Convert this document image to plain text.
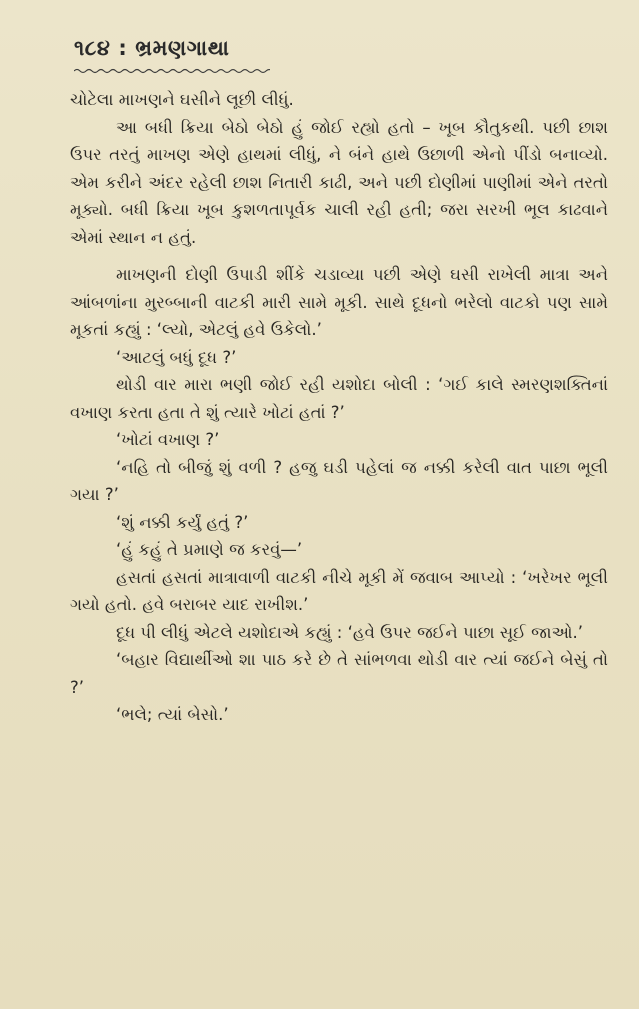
૧૮૪ : ભ્રમણગાથા

ચોટેલા માખણને ઘસીને લૂછી લીધું.

આ બધી ક્રિયા બેઠો બેઠો હું જોઈ રહ્યો હતો – ખૂબ કૌતુકથી. પછી છાશ ઉપર તરતું માખણ એણે હાથમાં લીધું, ને બંને હાથે ઉછાળી એનો પીંડો બનાવ્યો. એમ કરીને અંદર રહેલી છાશ નિતારી કાઢી, અને પછી દોણીમાં પાણીમાં એને તરતો મૂક્યો. બધી ક્રિયા ખૂબ કુશળતાપૂર્વક ચાલી રહી હતી; જરા સરખી ભૂલ કાઢવાને એમાં સ્થાન ન હતું.

માખણની દોણી ઉપાડી શીંકે ચડાવ્યા પછી એણે ઘસી રાખેલી માત્રા અને આંબળાંના મુરબ્બાની વાટકી મારી સામે મૂકી. સાથે દૂધનો ભરેલો વાટકો પણ સામે મૂકતાં કહ્યું : ‘લ્યો, એટલું હવે ઉકેલો.’

‘આટલું બધું દૂધ ?’

થોડી વાર મારા ભણી જોઈ રહી યશોદા બોલી : ‘ગઈ કાલે સ્મરણશક્તિનાં વખાણ કરતા હતા તે શું ત્યારે ખોટાં હતાં ?’

‘ખોટાં વખાણ ?’

‘નહિ તો બીજું શું વળી ? હજુ ઘડી પહેલાં જ નક્કી કરેલી વાત પાછા ભૂલી ગયા ?’

‘શું નક્કી કર્યું હતું ?’

‘હું કહું તે પ્રમાણે જ કરવું—’

હસતાં હસતાં માત્રાવાળી વાટકી નીચે મૂકી મેં જવાબ આપ્યો : ‘ખરેખર ભૂલી ગયો હતો. હવે બરાબર યાદ રાખીશ.’

દૂધ પી લીધું એટલે યશોદાએ કહ્યું : ‘હવે ઉપર જઈને પાછા સૂઈ જાઓ.’

‘બહાર વિદ્યાર્થીઓ શા પાઠ કરે છે તે સાંભળવા થોડી વાર ત્યાં જઈને બેસું તો ?’

‘ભલે; ત્યાં બેસો.’
